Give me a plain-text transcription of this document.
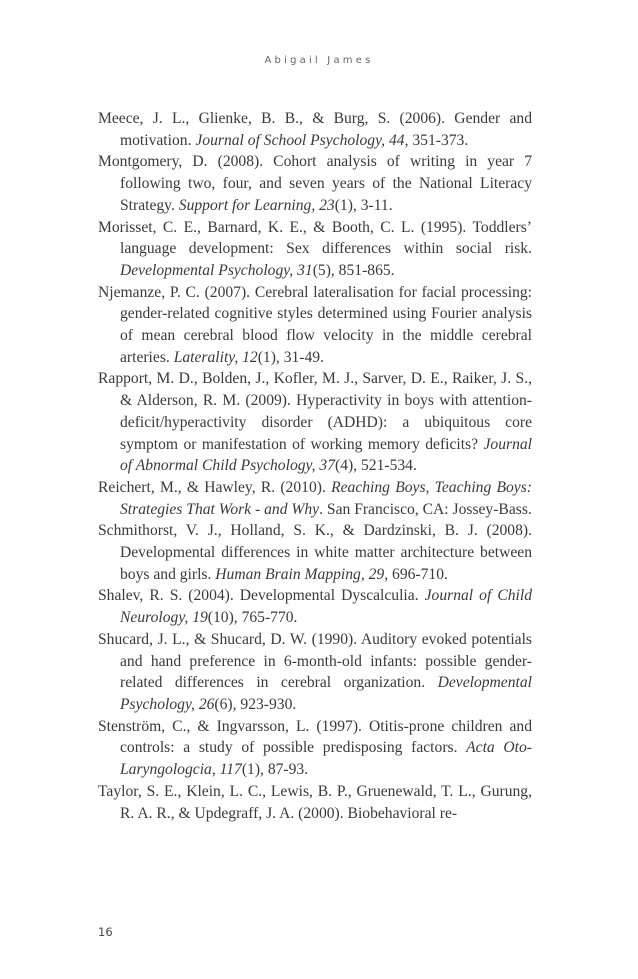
Abigail James

Meece, J. L., Glienke, B. B., & Burg, S. (2006). Gender and motivation. Journal of School Psychology, 44, 351-373.

Montgomery, D. (2008). Cohort analysis of writing in year 7 following two, four, and seven years of the National Literacy Strategy. Support for Learning, 23(1), 3-11.

Morisset, C. E., Barnard, K. E., & Booth, C. L. (1995). Toddlers’ language development: Sex differences within social risk. Developmental Psychology, 31(5), 851-865.

Njemanze, P. C. (2007). Cerebral lateralisation for facial processing: gender-related cognitive styles determined using Fourier analysis of mean cerebral blood flow velocity in the middle cerebral arteries. Laterality, 12(1), 31-49.

Rapport, M. D., Bolden, J., Kofler, M. J., Sarver, D. E., Raiker, J. S., & Alderson, R. M. (2009). Hyperactivity in boys with attention-deficit/hyperactivity disorder (ADHD): a ubiquitous core symptom or manifestation of working memory deficits? Journal of Abnormal Child Psychology, 37(4), 521-534.

Reichert, M., & Hawley, R. (2010). Reaching Boys, Teaching Boys: Strategies That Work - and Why. San Francisco, CA: Jossey-Bass.

Schmithorst, V. J., Holland, S. K., & Dardzinski, B. J. (2008). Developmental differences in white matter architecture between boys and girls. Human Brain Mapping, 29, 696-710.

Shalev, R. S. (2004). Developmental Dyscalculia. Journal of Child Neurology, 19(10), 765-770.

Shucard, J. L., & Shucard, D. W. (1990). Auditory evoked potentials and hand preference in 6-month-old infants: possible gender-related differences in cerebral organization. Developmental Psychology, 26(6), 923-930.

Stenström, C., & Ingvarsson, L. (1997). Otitis-prone children and controls: a study of possible predisposing factors. Acta Oto-Laryngologcia, 117(1), 87-93.

Taylor, S. E., Klein, L. C., Lewis, B. P., Gruenewald, T. L., Gurung, R. A. R., & Updegraff, J. A. (2000). Biobehavioral re-

16
